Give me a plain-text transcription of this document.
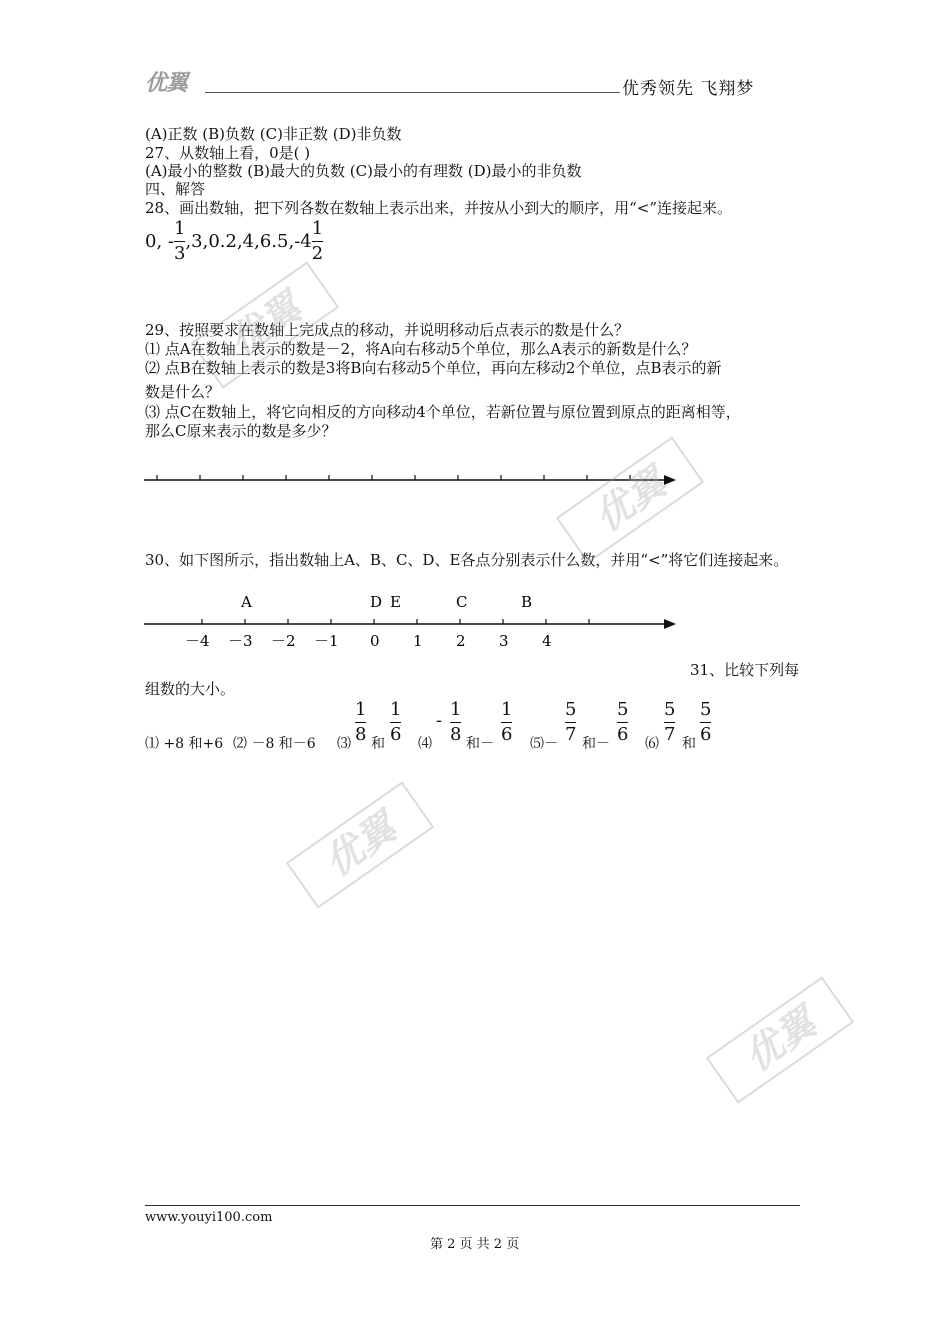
优翼	优秀领先 飞翔梦
(A)正数 (B)负数 (C)非正数 (D)非负数
27、从数轴上看，0是( )
(A)最小的整数 (B)最大的负数 (C)最小的有理数 (D)最小的非负数
四、解答
28、画出数轴，把下列各数在数轴上表示出来，并按从小到大的顺序，用“<”连接起来。
0, - $\frac{1}{3} ,3,0.2,4,6.5,-4 \frac{1}{2}$
29、按照要求在数轴上完成点的移动，并说明移动后点表示的数是什么？
⑴ 点A在数轴上表示的数是－2，将A向右移动5个单位，那么A表示的新数是什么？
⑵ 点B在数轴上表示的数是3将B向右移动5个单位，再向左移动2个单位，点B表示的新
数是什么？
⑶ 点C在数轴上，将它向相反的方向移动4个单位，若新位置与原位置到原点的距离相等，
那么C原来表示的数是多少？
30、如下图所示，指出数轴上A、B、C、D、E各点分别表示什么数，并用“<”将它们连接起来。
A	D E	C	B
－4 －3 －2 －1 0 1 2 3 4
31、比较下列每
组数的大小。
⑴ +8 和+6 ⑵ －8 和－6 ⑶ $\frac{1}{8}$ 和 $\frac{1}{6}$ ⑷
- $\frac{1}{8}$ 和－ $\frac{1}{6}$ ⑸－ $\frac{5}{7}$ 和－ $\frac{5}{6}$ ⑹ $\frac{5}{7}$ 和 $\frac{5}{6}$
优翼
优翼
优翼
优翼
www.youyi100.com
第 2 页 共 2 页
